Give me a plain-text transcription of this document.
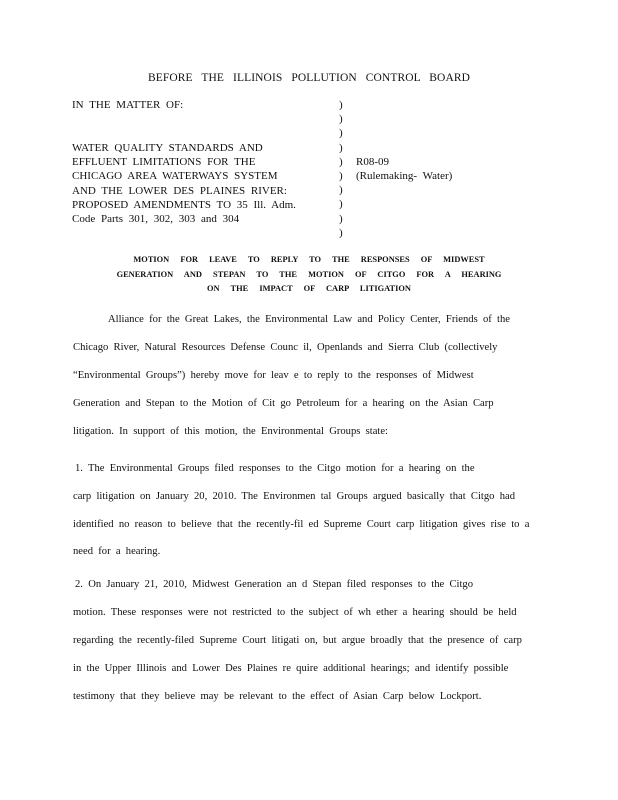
BEFORE THE ILLINOIS POLLUTION CONTROL BOARD
IN THE MATTER OF:
WATER QUALITY STANDARDS AND
EFFLUENT LIMITATIONS FOR THE
CHICAGO AREA WATERWAYS SYSTEM
AND THE LOWER DES PLAINES RIVER:
PROPOSED AMENDMENTS TO 35 Ill. Adm.
Code Parts 301, 302, 303 and 304
)
)
)
)
)
)
)
)
)
)
R08-09
(Rulemaking- Water)
MOTION FOR LEAVE TO REPLY TO THE RESPONSES OF MIDWEST
GENERATION AND STEPAN TO THE MOTION OF CITGO FOR A HEARING
ON THE IMPACT OF CARP LITIGATION
Alliance for the Great Lakes, the Environmental Law and Policy Center, Friends of the
Chicago River, Natural Resources Defense Counc il, Openlands and Sierra Club (collectively
“Environmental Groups”) hereby move for leav e to reply to the responses of Midwest
Generation and Stepan to the Motion of Cit go Petroleum for a hearing on the Asian Carp
litigation. In support of this motion, the Environmental Groups state:
1. The Environmental Groups filed responses to the Citgo motion for a hearing on the
carp litigation on January 20, 2010. The Environmen tal Groups argued basically that Citgo had
identified no reason to believe that the recently-fil ed Supreme Court carp litigation gives rise to a
need for a hearing.
2. On January 21, 2010, Midwest Generation an d Stepan filed responses to the Citgo
motion. These responses were not restricted to the subject of wh ether a hearing should be held
regarding the recently-filed Supreme Court litigati on, but argue broadly that the presence of carp
in the Upper Illinois and Lower Des Plaines re quire additional hearings; and identify possible
testimony that they believe may be relevant to the effect of Asian Carp below Lockport.
